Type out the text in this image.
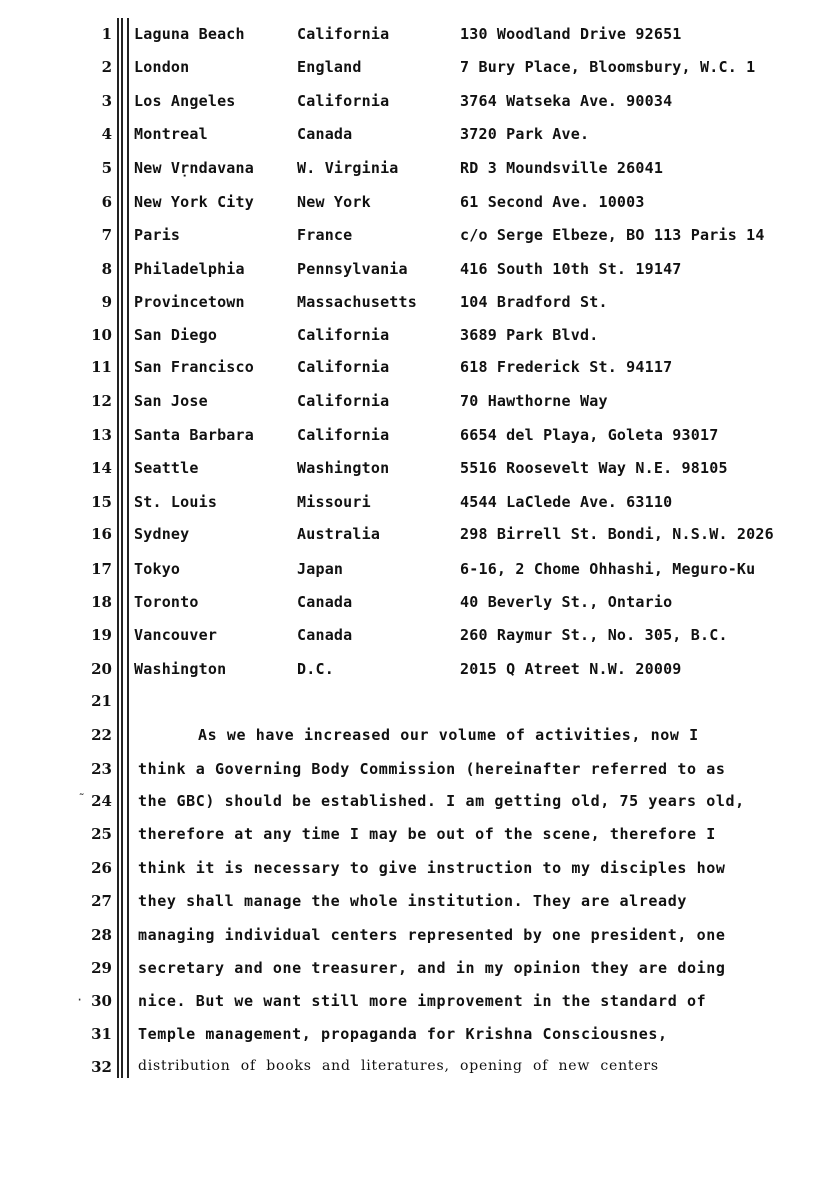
1 Laguna Beach	California	130 Woodland Drive 92651
2 London	England	7 Bury Place, Bloomsbury, W.C. 1
3 Los Angeles	California	3764 Watseka Ave. 90034
4 Montreal	Canada	3720 Park Ave.
5 New Vṛndavana	W. Virginia	RD 3 Moundsville 26041
6 New York City	New York	61 Second Ave. 10003
7 Paris	France	c/o Serge Elbeze, BO 113 Paris 14
8 Philadelphia	Pennsylvania	416 South 10th St. 19147
9 Provincetown	Massachusetts	104 Bradford St.
10 San Diego	California	3689 Park Blvd.
11 San Francisco	California	618 Frederick St. 94117
12 San Jose	California	70 Hawthorne Way
13 Santa Barbara	California	6654 del Playa, Goleta 93017
14 Seattle	Washington	5516 Roosevelt Way N.E. 98105
15 St. Louis	Missouri	4544 LaClede Ave. 63110
16 Sydney	Australia	298 Birrell St. Bondi, N.S.W. 2026
17 Tokyo	Japan	6-16, 2 Chome Ohhashi, Meguro-Ku
18 Toronto	Canada	40 Beverly St., Ontario
19 Vancouver	Canada	260 Raymur St., No. 305, B.C.
20 Washington	D.C.	2015 Q Atreet N.W. 20009
21
22	As we have increased our volume of activities, now I
23 think a Governing Body Commission (hereinafter referred to as
24 the GBC) should be established. I am getting old, 75 years old,
25 therefore at any time I may be out of the scene, therefore I
26 think it is necessary to give instruction to my disciples how
27 they shall manage the whole institution. They are already
28 managing individual centers represented by one president, one
29 secretary and one treasurer, and in my opinion they are doing
30 nice. But we want still more improvement in the standard of
31 Temple management, propaganda for Krishna Consciousnes,
32 distribution of books and literatures, opening of new centers
˜
·
